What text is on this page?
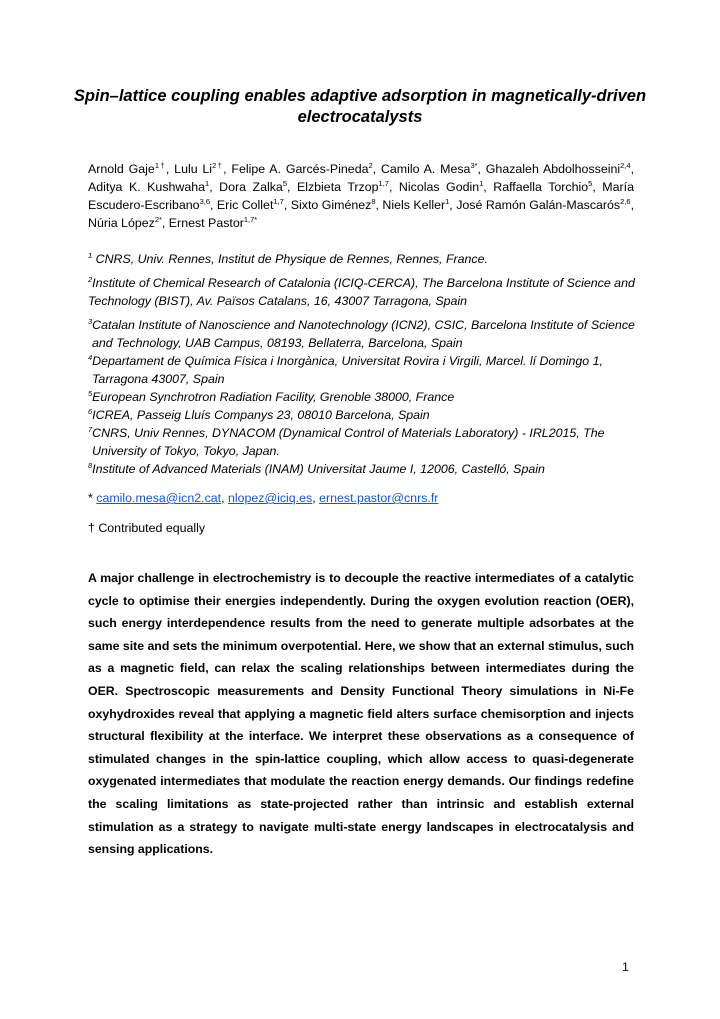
Spin–lattice coupling enables adaptive adsorption in magnetically-driven electrocatalysts

Arnold Gaje$^{1\dagger}$, Lulu $Li^{2\dagger}$, Felipe A. Garcés-Pineda$^2$, Camilo A. Mesa$^{3*}$, Ghazaleh Abdolhosseini$^{2,4}$, Aditya K. Kushwaha$^1$, Dora Zalka$^5$, Elzbieta Trzop$^{1,7}$, Nicolas Godin$^1$, Raffaella Torchio$^5$, María Escudero-Escribano$^{3,6}$, Eric Collet$^{1,7}$, Sixto Giménez$^8$, Niels Keller$^1$, José Ramón Galán-Mascarós$^{2,6}$, Núria López$^{2*}$, Ernest Pastor$^{1,7*}$

$^1$ CNRS, Univ. Rennes, Institut de Physique de Rennes, Rennes, France.

$^2$Institute of Chemical Research of Catalonia (ICIQ-CERCA), The Barcelona Institute of Science and Technology (BIST), Av. Països Catalans, 16, 43007 Tarragona, Spain

$^3$Catalan Institute of Nanoscience and Nanotechnology (ICN2), CSIC, Barcelona Institute of Science and Technology, UAB Campus, 08193, Bellaterra, Barcelona, Spain

$^4$Departament de Química Física i Inorgànica, Universitat Rovira i Virgili, Marcel. lí Domingo 1, Tarragona 43007, Spain

$^5$European Synchrotron Radiation Facility, Grenoble 38000, France

$^6$ICREA, Passeig Lluís Companys 23, 08010 Barcelona, Spain

$^7$CNRS, Univ Rennes, DYNACOM (Dynamical Control of Materials Laboratory) - IRL2015, The University of Tokyo, Tokyo, Japan.

$^8$Institute of Advanced Materials (INAM) Universitat Jaume I, 12006, Castelló, Spain

* camilo.mesa@icn2.cat, nlopez@iciq.es, ernest.pastor@cnrs.fr

† Contributed equally

A major challenge in electrochemistry is to decouple the reactive intermediates of a catalytic cycle to optimise their energies independently. During the oxygen evolution reaction (OER), such energy interdependence results from the need to generate multiple adsorbates at the same site and sets the minimum overpotential. Here, we show that an external stimulus, such as a magnetic field, can relax the scaling relationships between intermediates during the OER. Spectroscopic measurements and Density Functional Theory simulations in Ni-Fe oxyhydroxides reveal that applying a magnetic field alters surface chemisorption and injects structural flexibility at the interface. We interpret these observations as a consequence of stimulated changes in the spin-lattice coupling, which allow access to quasi-degenerate oxygenated intermediates that modulate the reaction energy demands. Our findings redefine the scaling limitations as state-projected rather than intrinsic and establish external stimulation as a strategy to navigate multi-state energy landscapes in electrocatalysis and sensing applications.

1
